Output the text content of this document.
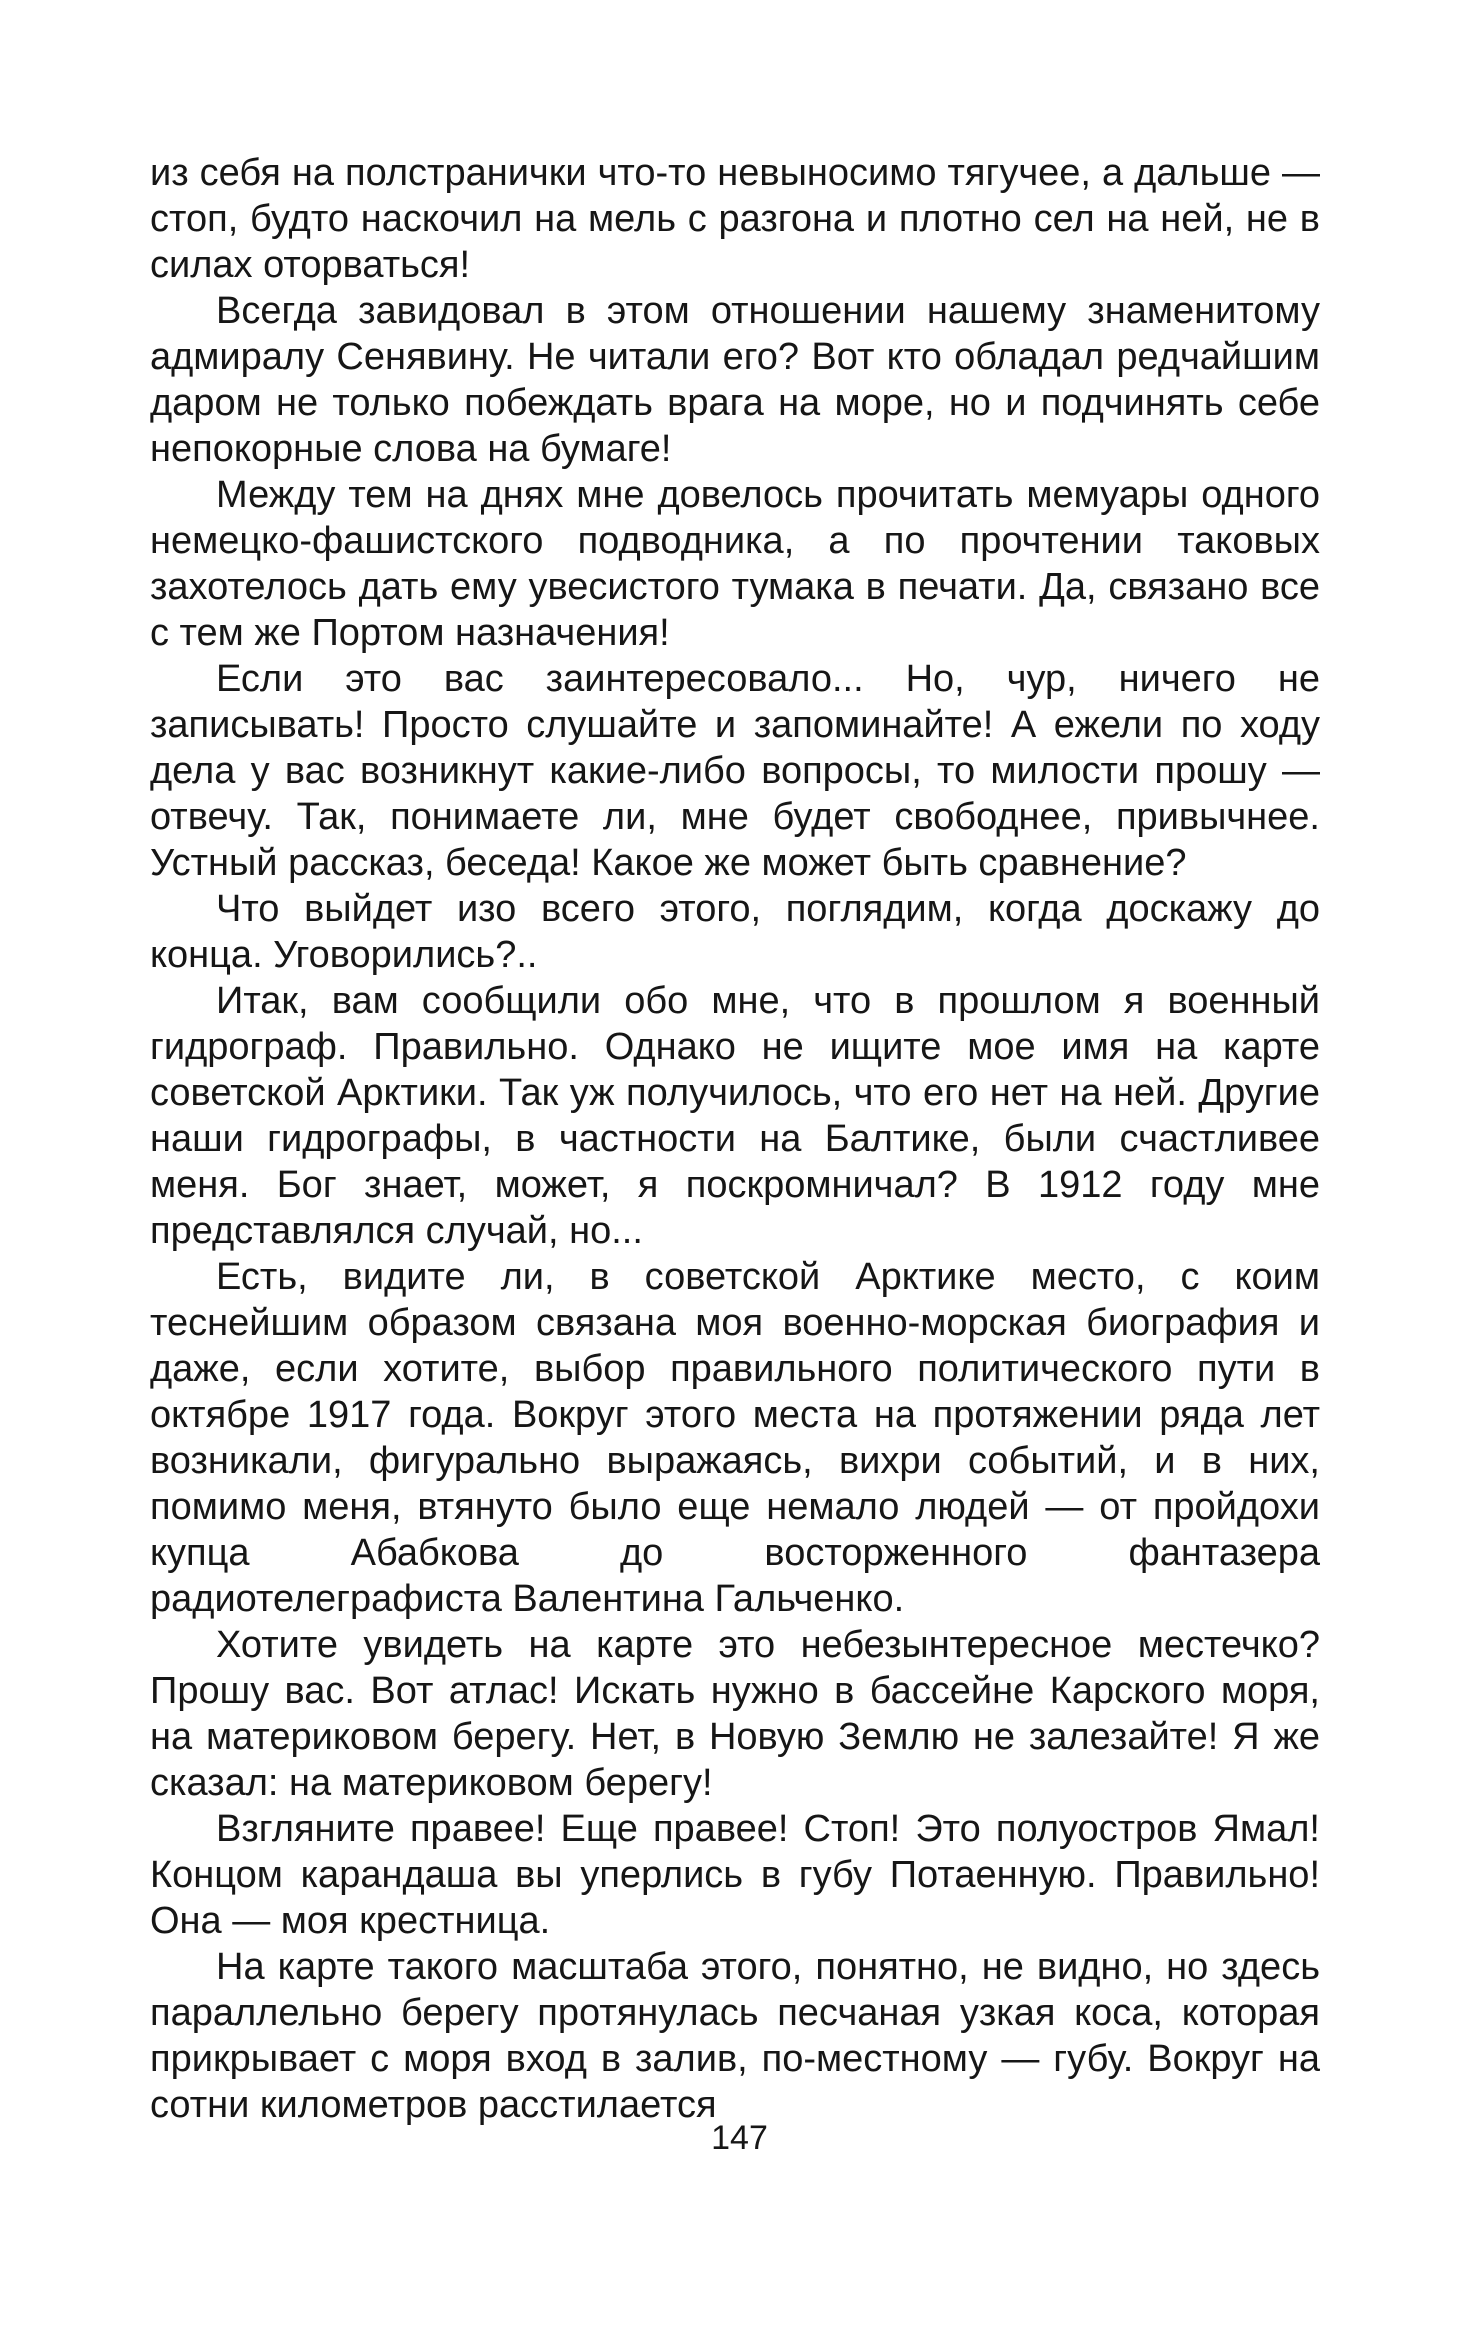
из себя на полстранички что-то невыносимо тягучее, а дальше — стоп, будто наскочил на мель с разгона и плотно сел на ней, не в силах оторваться!

Всегда завидовал в этом отношении нашему знаменитому адмиралу Сенявину. Не читали его? Вот кто обладал редчайшим даром не только побеждать врага на море, но и подчинять себе непокорные слова на бумаге!

Между тем на днях мне довелось прочитать мемуары одного немецко-фашистского подводника, а по прочтении таковых захотелось дать ему увесистого тумака в печати. Да, связано все с тем же Портом назначения!

Если это вас заинтересовало... Но, чур, ничего не записывать! Просто слушайте и запоминайте! А ежели по ходу дела у вас возникнут какие-либо вопросы, то милости прошу — отвечу. Так, понимаете ли, мне будет свободнее, привычнее. Устный рассказ, беседа! Какое же может быть сравнение?

Что выйдет изо всего этого, поглядим, когда доскажу до конца. Уговорились?..

Итак, вам сообщили обо мне, что в прошлом я военный гидрограф. Правильно. Однако не ищите мое имя на карте советской Арктики. Так уж получилось, что его нет на ней. Другие наши гидрографы, в частности на Балтике, были счастливее меня. Бог знает, может, я поскромничал? В 1912 году мне представлялся случай, но...

Есть, видите ли, в советской Арктике место, с коим теснейшим образом связана моя военно-морская биография и даже, если хотите, выбор правильного политического пути в октябре 1917 года. Вокруг этого места на протяжении ряда лет возникали, фигурально выражаясь, вихри событий, и в них, помимо меня, втянуто было еще немало людей — от пройдохи купца Абабкова до восторженного фантазера радиотелеграфиста Валентина Гальченко.

Хотите увидеть на карте это небезынтересное местечко? Прошу вас. Вот атлас! Искать нужно в бассейне Карского моря, на материковом берегу. Нет, в Новую Землю не залезайте! Я же сказал: на материковом берегу!

Взгляните правее! Еще правее! Стоп! Это полуостров Ямал! Концом карандаша вы уперлись в губу Потаенную. Правильно! Она — моя крестница.

На карте такого масштаба этого, понятно, не видно, но здесь параллельно берегу протянулась песчаная узкая коса, которая прикрывает с моря вход в залив, по-местному — губу. Вокруг на сотни километров расстилается

147
